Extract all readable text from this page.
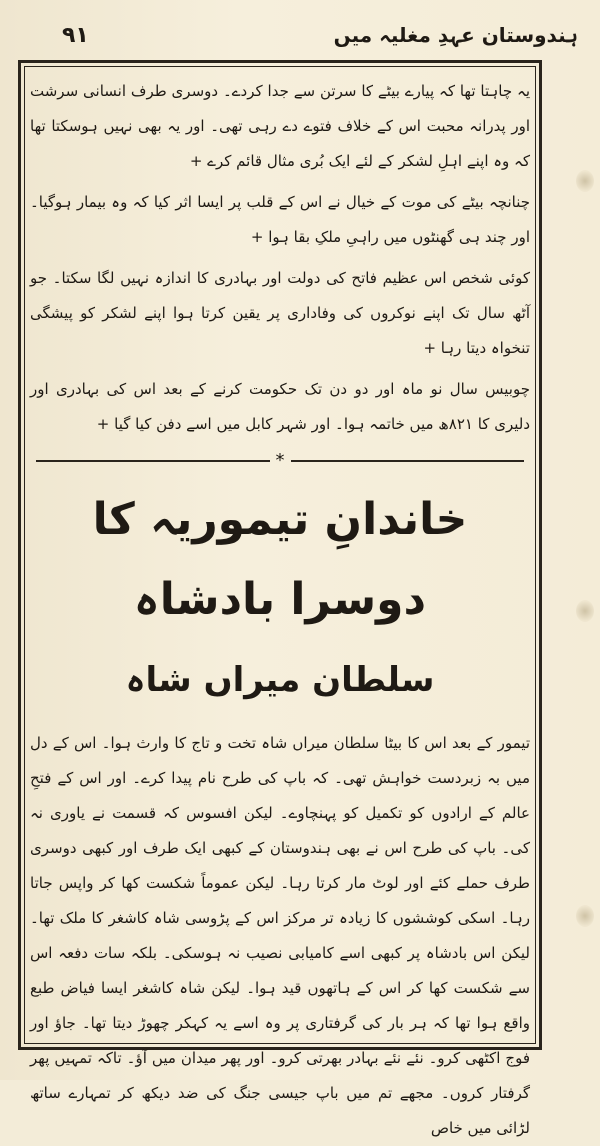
ہندوستان عہدِ مغلیہ میں
۹۱

یہ چاہتا تھا کہ پیارے بیٹے کا سرتن سے جدا کردے۔ دوسری طرف انسانی سرشت اور پدرانہ محبت اس کے خلاف فتوے دے رہی تھی۔ اور یہ بھی نہیں ہوسکتا تھا کہ وہ اپنے اہلِ لشکر کے لئے ایک بُری مثال قائم کرے +

چنانچہ بیٹے کی موت کے خیال نے اس کے قلب پر ایسا اثر کیا کہ وہ بیمار ہوگیا۔ اور چند ہی گھنٹوں میں راہیِ ملکِ بقا ہوا +

کوئی شخص اس عظیم فاتح کی دولت اور بہادری کا اندازہ نہیں لگا سکتا۔ جو آٹھ سال تک اپنے نوکروں کی وفاداری پر یقین کرتا ہوا اپنے لشکر کو پیشگی تنخواہ دیتا رہا +

چوبیس سال نو ماہ اور دو دن تک حکومت کرنے کے بعد اس کی بہادری اور دلیری کا ۸۲۱ھ میں خاتمہ ہوا۔ اور شہر کابل میں اسے دفن کیا گیا +

*
خاندانِ تیموریہ کا دوسرا بادشاہ
سلطان میراں شاہ

تیمور کے بعد اس کا بیٹا سلطان میراں شاہ تخت و تاج کا وارث ہوا۔ اس کے دل میں بہ زبردست خواہش تھی۔ کہ باپ کی طرح نام پیدا کرے۔ اور اس کے فتحِ عالم کے ارادوں کو تکمیل کو پہنچاوے۔ لیکن افسوس کہ قسمت نے یاوری نہ کی۔ باپ کی طرح اس نے بھی ہندوستان کے کبھی ایک طرف اور کبھی دوسری طرف حملے کئے اور لوٹ مار کرتا رہا۔ لیکن عموماً شکست کھا کر واپس جاتا رہا۔ اسکی کوششوں کا زیادہ تر مرکز اس کے پڑوسی شاہ کاشغر کا ملک تھا۔ لیکن اس بادشاہ پر کبھی اسے کامیابی نصیب نہ ہوسکی۔ بلکہ سات دفعہ اس سے شکست کھا کر اس کے ہاتھوں قید ہوا۔ لیکن شاہ کاشغر ایسا فیاض طبع واقع ہوا تھا کہ ہر بار کی گرفتاری پر وہ اسے یہ کہکر چھوڑ دیتا تھا۔ جاؤ اور فوج اکٹھی کرو۔ نئے نئے بہادر بھرتی کرو۔ اور پھر میدان میں آؤ۔ تاکہ تمہیں پھر گرفتار کروں۔ مجھے تم میں باپ جیسی جنگ کی ضد دیکھ کر تمہارے ساتھ لڑائی میں خاص
